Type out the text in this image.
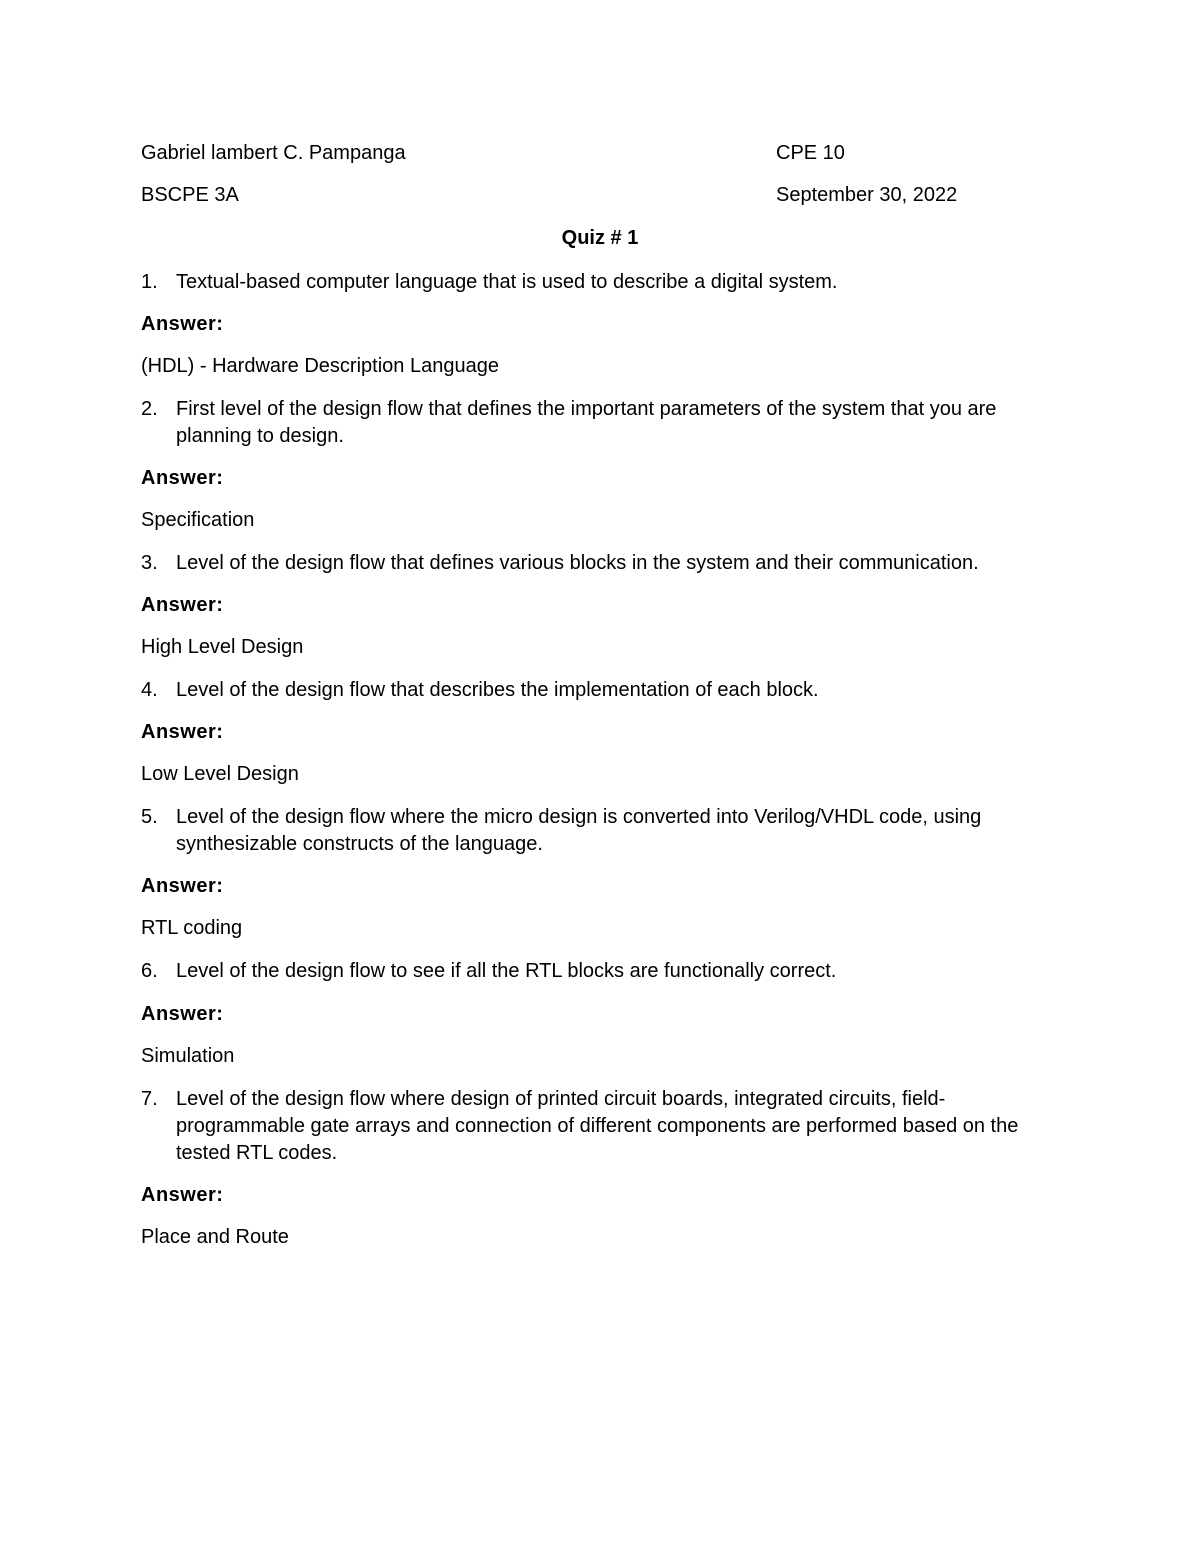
Gabriel lambert C. Pampanga	CPE 10
BSCPE 3A	September 30, 2022
Quiz # 1
1. Textual-based computer language that is used to describe a digital system.
Answer:
(HDL) - Hardware Description Language
2. First level of the design flow that defines the important parameters of the system that you are planning to design.
Answer:
Specification
3. Level of the design flow that defines various blocks in the system and their communication.
Answer:
High Level Design
4. Level of the design flow that describes the implementation of each block.
Answer:
Low Level Design
5. Level of the design flow where the micro design is converted into Verilog/VHDL code, using synthesizable constructs of the language.
Answer:
RTL coding
6. Level of the design flow to see if all the RTL blocks are functionally correct.
Answer:
Simulation
7. Level of the design flow where design of printed circuit boards, integrated circuits, field-programmable gate arrays and connection of different components are performed based on the tested RTL codes.
Answer:
Place and Route
